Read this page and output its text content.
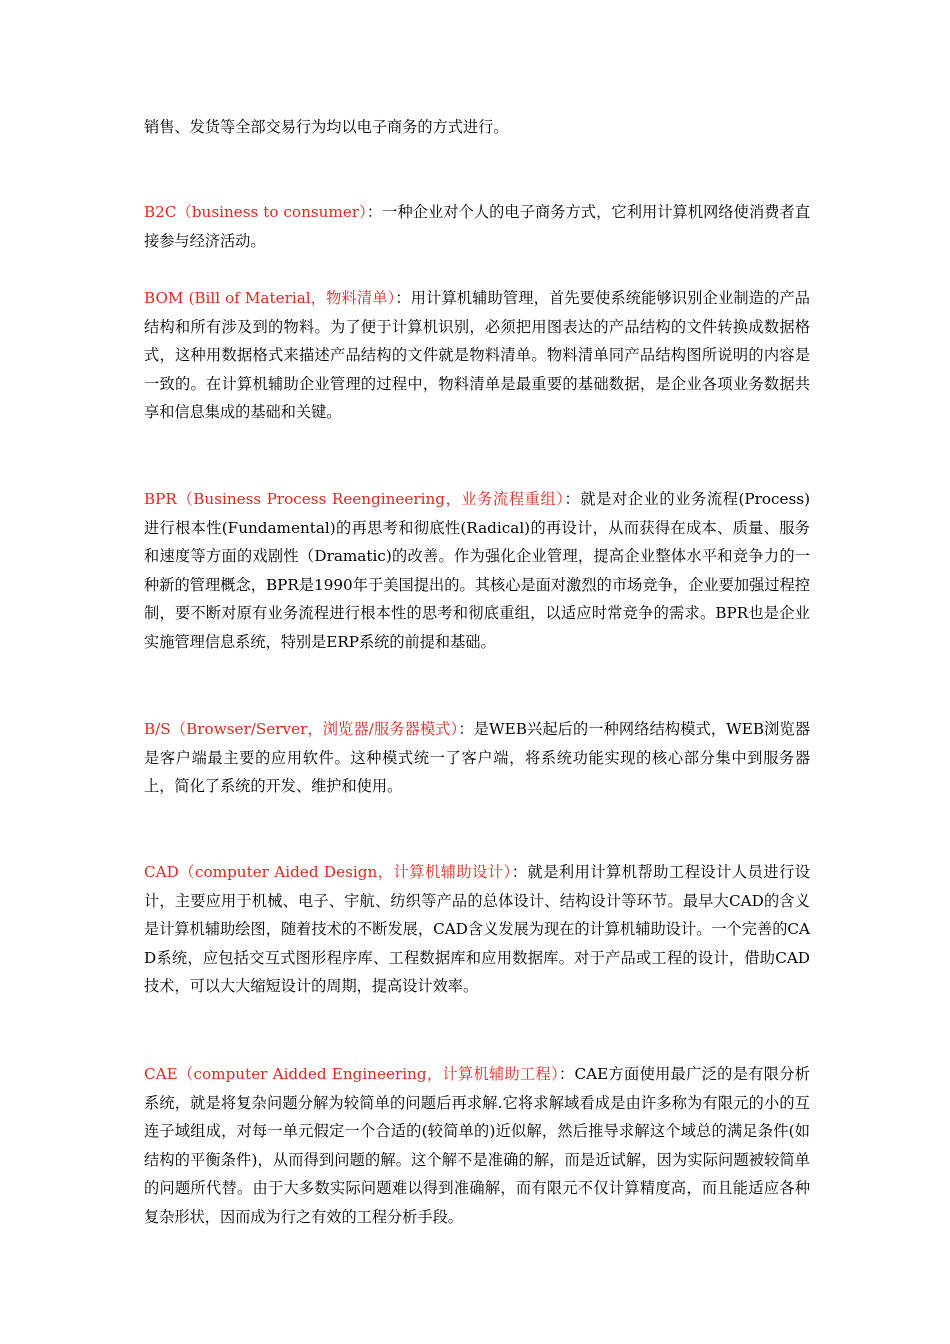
销售、发货等全部交易行为均以电子商务的方式进行。

B2C（business to consumer）：一种企业对个人的电子商务方式，它利用计算机网络使消费者直接参与经济活动。

BOM (Bill of Material，物料清单）：用计算机辅助管理，首先要使系统能够识别企业制造的产品结构和所有涉及到的物料。为了便于计算机识别，必须把用图表达的产品结构的文件转换成数据格式，这种用数据格式来描述产品结构的文件就是物料清单。物料清单同产品结构图所说明的内容是一致的。在计算机辅助企业管理的过程中，物料清单是最重要的基础数据，是企业各项业务数据共享和信息集成的基础和关键。

BPR（Business Process Reengineering，业务流程重组）：就是对企业的业务流程(Process)进行根本性(Fundamental)的再思考和彻底性(Radical)的再设计，从而获得在成本、质量、服务和速度等方面的戏剧性（Dramatic)的改善。作为强化企业管理，提高企业整体水平和竞争力的一种新的管理概念，BPR是1990年于美国提出的。其核心是面对激烈的市场竞争，企业要加强过程控制，要不断对原有业务流程进行根本性的思考和彻底重组，以适应时常竞争的需求。BPR也是企业实施管理信息系统，特别是ERP系统的前提和基础。

B/S（Browser/Server，浏览器/服务器模式）：是WEB兴起后的一种网络结构模式，WEB浏览器是客户端最主要的应用软件。这种模式统一了客户端，将系统功能实现的核心部分集中到服务器上，简化了系统的开发、维护和使用。

CAD（computer Aided Design，计算机辅助设计）：就是利用计算机帮助工程设计人员进行设计，主要应用于机械、电子、宇航、纺织等产品的总体设计、结构设计等环节。最早大CAD的含义是计算机辅助绘图，随着技术的不断发展，CAD含义发展为现在的计算机辅助设计。一个完善的CAD系统，应包括交互式图形程序库、工程数据库和应用数据库。对于产品或工程的设计，借助CAD技术，可以大大缩短设计的周期，提高设计效率。

CAE（computer Aidded Engineering，计算机辅助工程）：CAE方面使用最广泛的是有限分析系统，就是将复杂问题分解为较简单的问题后再求解.它将求解域看成是由许多称为有限元的小的互连子域组成，对每一单元假定一个合适的(较简单的)近似解，然后推导求解这个域总的满足条件(如结构的平衡条件)，从而得到问题的解。这个解不是准确的解，而是近试解，因为实际问题被较简单的问题所代替。由于大多数实际问题难以得到准确解，而有限元不仅计算精度高，而且能适应各种复杂形状，因而成为行之有效的工程分析手段。
